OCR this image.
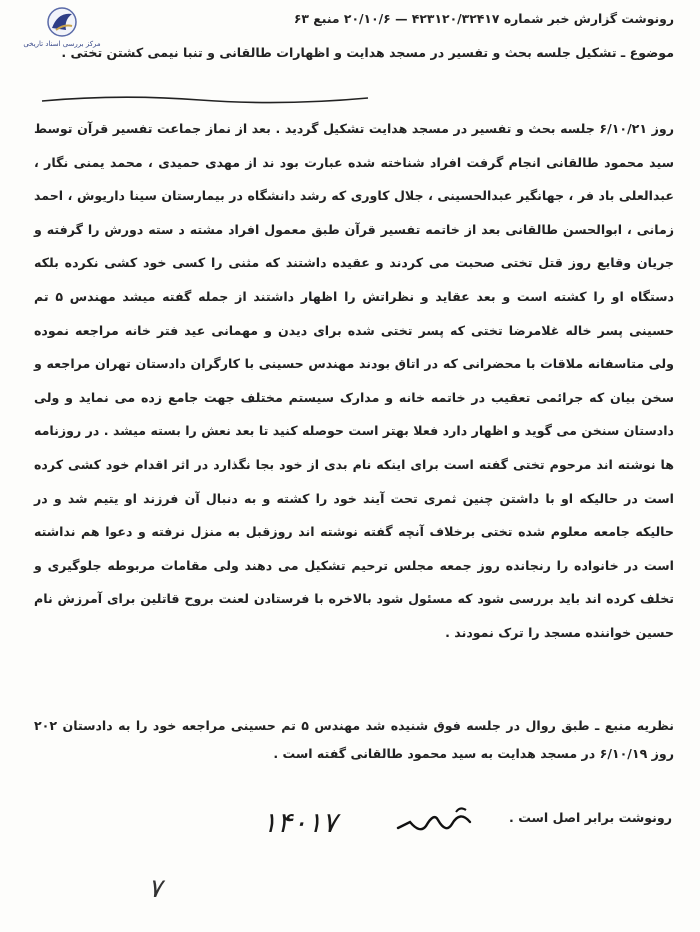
مرکز بررسی اسناد تاریخی
رونوشت گزارش خبر شماره ۴۲۳۱۲۰/۳۲۴۱۷ — ۲۰/۱۰/۶ منبع ۶۳
موضوع ـ تشکیل جلسه بحث و تفسیر در مسجد هدایت و اظهارات طالقانی و تنبا نیمی کشتن تختی .
روز ۶/۱۰/۲۱ جلسه بحث و تفسیر در مسجد هدایت تشکیل گردید . بعد از نماز جماعت تفسیر قرآن توسط سید محمود طالقانی انجام گرفت افراد شناخته شده عبارت بود ند از مهدی حمیدی ، محمد یمنی نگار ، عبدالعلی باد فر ، جهانگیر عبدالحسینی ، جلال کاوری که رشد دانشگاه در بیمارستان سینا داریوش ، احمد زمانی ، ابوالحسن طالقانی بعد از خاتمه تفسیر قرآن طبق معمول افراد مشته د سته دورش را گرفته و جریان وقایع روز قتل تختی صحبت می کردند و عقیده داشتند که مثنی را کسی خود کشی نکرده بلکه دستگاه او را کشته است و بعد عقاید و نظراتش را اظهار داشتند از جمله گفته میشد مهندس ۵ تم حسینی پسر خاله غلامرضا تختی که پسر تختی شده برای دیدن و مهمانی عید فتر خانه مراجعه نموده ولی متاسفانه ملاقات با محضرانی که در اتاق بودند مهندس حسینی با کارگران دادستان تهران مراجعه و سخن بیان که جرائمی تعقیب در خاتمه خانه و مدارک سیستم مختلف جهت جامع زده می نماید و ولی دادستان سنخن می گوید و اظهار دارد فعلا بهتر است حوصله کنید تا بعد نعش را بسته میشد . در روزنامه ها نوشته اند مرحوم تختی گفته است برای اینکه نام بدی از خود بجا نگذارد در اثر اقدام خود کشی کرده است در حالیکه او با داشتن چنین ثمری تحت آیند خود را کشته و به دنبال آن فرزند او یتیم شد و در حالیکه جامعه معلوم شده تختی برخلاف آنچه گفته نوشته اند روزقبل به منزل نرفته و دعوا هم نداشته است در خانواده را رنجانده روز جمعه مجلس ترحیم تشکیل می دهند ولی مقامات مربوطه جلوگیری و تخلف کرده اند باید بررسی شود که مسئول شود بالاخره با فرستادن لعنت بروح قاتلین برای آمرزش نام حسین خواننده مسجد را ترک نمودند .
نظریه منبع ـ طبق روال در جلسه فوق شنیده شد مهندس ۵ تم حسینی مراجعه خود را به دادستان ۲۰۲ روز ۶/۱۰/۱۹ در مسجد هدایت به سید محمود طالقانی گفته است .
رونوشت برابر اصل است .
۱۴۰۱۷
۷
